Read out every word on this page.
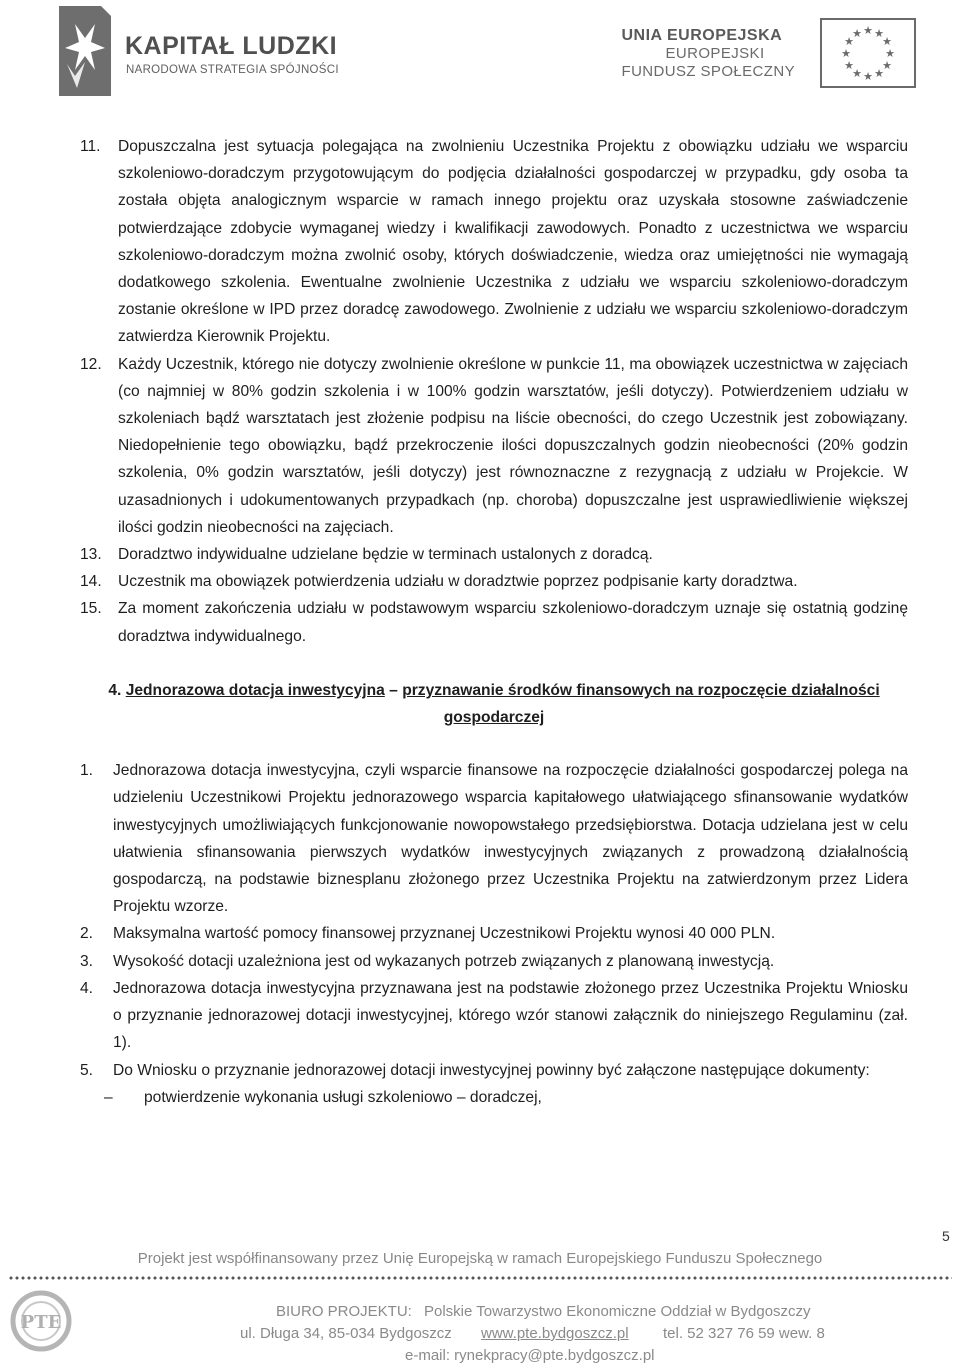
KAPITAŁ LUDZKI
NARODOWA STRATEGIA SPÓJNOŚCI
UNIA EUROPEJSKA
EUROPEJSKI
FUNDUSZ SPOŁECZNY
★ ★
★
★
★
★
★
★
★
★
★
★
11.	Dopuszczalna jest sytuacja polegająca na zwolnieniu Uczestnika Projektu z obowiązku udziału we wsparciu szkoleniowo-doradczym przygotowującym do podjęcia działalności gospodarczej w przypadku, gdy osoba ta została objęta analogicznym wsparcie w ramach innego projektu oraz uzyskała stosowne zaświadczenie potwierdzające zdobycie wymaganej wiedzy i kwalifikacji zawodowych. Ponadto z uczestnictwa we wsparciu szkoleniowo-doradczym można zwolnić osoby, których doświadczenie, wiedza oraz umiejętności nie wymagają dodatkowego szkolenia. Ewentualne zwolnienie Uczestnika z udziału we wsparciu szkoleniowo-doradczym zostanie określone w IPD przez doradcę zawodowego. Zwolnienie z udziału we wsparciu szkoleniowo-doradczym zatwierdza Kierownik Projektu.
12.	Każdy Uczestnik, którego nie dotyczy zwolnienie określone w punkcie 11, ma obowiązek uczestnictwa w zajęciach (co najmniej w 80% godzin szkolenia i w 100% godzin warsztatów, jeśli dotyczy). Potwierdzeniem udziału w szkoleniach bądź warsztatach jest złożenie podpisu na liście obecności, do czego Uczestnik jest zobowiązany. Niedopełnienie tego obowiązku, bądź przekroczenie ilości dopuszczalnych godzin nieobecności (20% godzin szkolenia, 0% godzin warsztatów, jeśli dotyczy) jest równoznaczne z rezygnacją z udziału w Projekcie. W uzasadnionych i udokumentowanych przypadkach (np. choroba) dopuszczalne jest usprawiedliwienie większej ilości godzin nieobecności na zajęciach.
13.	Doradztwo indywidualne udzielane będzie w terminach ustalonych z doradcą.
14.	Uczestnik ma obowiązek potwierdzenia udziału w doradztwie poprzez podpisanie karty doradztwa.
15.	Za moment zakończenia udziału w podstawowym wsparciu szkoleniowo-doradczym uznaje się ostatnią godzinę doradztwa indywidualnego.
4. Jednorazowa dotacja inwestycyjna – przyznawanie środków finansowych na rozpoczęcie działalności gospodarczej
1.	Jednorazowa dotacja inwestycyjna, czyli wsparcie finansowe na rozpoczęcie działalności gospodarczej polega na udzieleniu Uczestnikowi Projektu jednorazowego wsparcia kapitałowego ułatwiającego sfinansowanie wydatków inwestycyjnych umożliwiających funkcjonowanie nowopowstałego przedsiębiorstwa. Dotacja udzielana jest w celu ułatwienia sfinansowania pierwszych wydatków inwestycyjnych związanych z prowadzoną działalnością gospodarczą, na podstawie biznesplanu złożonego przez Uczestnika Projektu na zatwierdzonym przez Lidera Projektu wzorze.
2.	Maksymalna wartość pomocy finansowej przyznanej Uczestnikowi Projektu wynosi 40 000 PLN.
3.	Wysokość dotacji uzależniona jest od wykazanych potrzeb związanych z planowaną inwestycją.
4.	Jednorazowa dotacja inwestycyjna przyznawana jest na podstawie złożonego przez Uczestnika Projektu Wniosku o przyznanie jednorazowej dotacji inwestycyjnej, którego wzór stanowi załącznik do niniejszego Regulaminu (zał. 1).
5.	Do Wniosku o przyznanie jednorazowej dotacji inwestycyjnej powinny być załączone następujące dokumenty:
–	potwierdzenie wykonania usługi szkoleniowo – doradczej,
5
Projekt jest współfinansowany przez Unię Europejską w ramach Europejskiego Funduszu Społecznego
PTE
BIURO PROJEKTU: Polskie Towarzystwo Ekonomiczne Oddział w Bydgoszczy
ul. Długa 34, 85-034 Bydgoszcz www.pte.bydgoszcz.pl tel. 52 327 76 59 wew. 8
e-mail: rynekpracy@pte.bydgoszcz.pl
